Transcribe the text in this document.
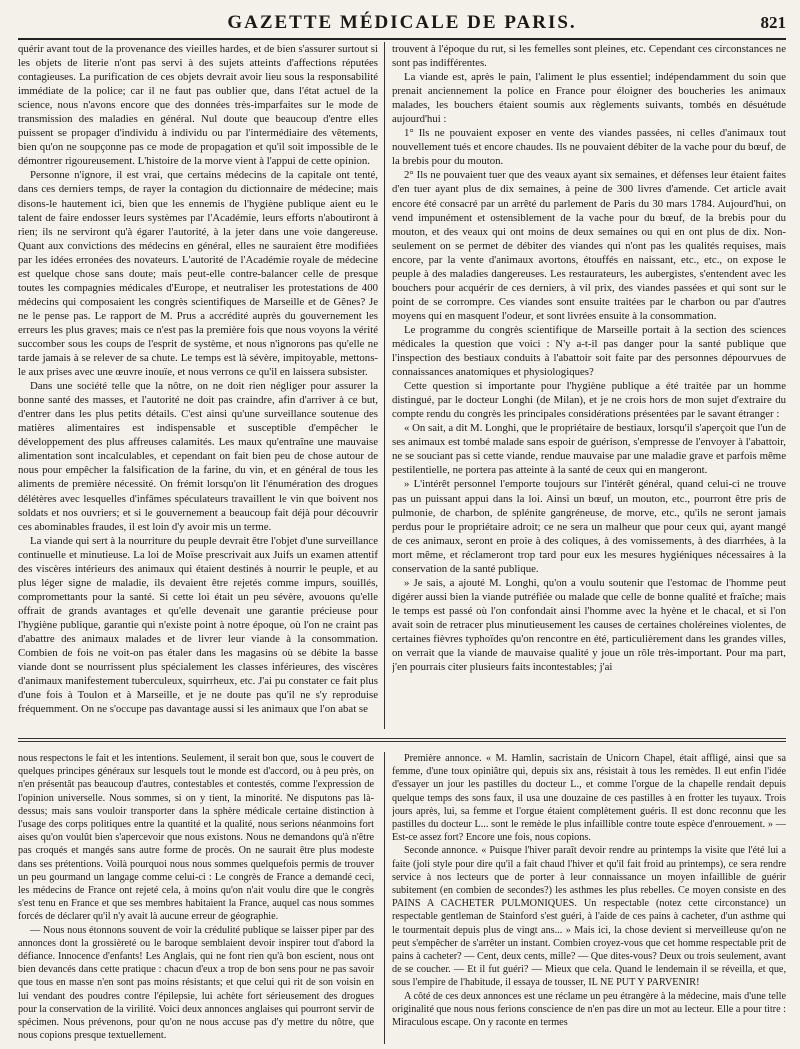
GAZETTE MÉDICALE DE PARIS.	821

quérir avant tout de la provenance des vieilles hardes, et de bien s'assurer surtout si les objets de literie n'ont pas servi à des sujets atteints d'affections réputées contagieuses. La purification de ces objets devrait avoir lieu sous la responsabilité immédiate de la police; car il ne faut pas oublier que, dans l'état actuel de la science, nous n'avons encore que des données très-imparfaites sur le mode de transmission des maladies en général. Nul doute que beaucoup d'entre elles puissent se propager d'individu à individu ou par l'intermédiaire des vêtements, bien qu'on ne soupçonne pas ce mode de propagation et qu'il soit impossible de le démontrer rigoureusement. L'histoire de la morve vient à l'appui de cette opinion.

Personne n'ignore, il est vrai, que certains médecins de la capitale ont tenté, dans ces derniers temps, de rayer la contagion du dictionnaire de médecine; mais disons-le hautement ici, bien que les ennemis de l'hygiène publique aient eu le talent de faire endosser leurs systèmes par l'Académie, leurs efforts n'aboutiront à rien; ils ne serviront qu'à égarer l'autorité, à la jeter dans une voie dangereuse. Quant aux convictions des médecins en général, elles ne sauraient être modifiées par les idées erronées des novateurs. L'autorité de l'Académie royale de médecine est quelque chose sans doute; mais peut-elle contre-balancer celle de presque toutes les compagnies médicales d'Europe, et neutraliser les protestations de 400 médecins qui composaient les congrès scientifiques de Marseille et de Gênes? Je ne le pense pas. Le rapport de M. Prus a accrédité auprès du gouvernement les erreurs les plus graves; mais ce n'est pas la première fois que nous voyons la vérité succomber sous les coups de l'esprit de système, et nous n'ignorons pas qu'elle ne tarde jamais à se relever de sa chute. Le temps est là sévère, impitoyable, mettons-le aux prises avec une œuvre inouïe, et nous verrons ce qu'il en laissera subsister.

Dans une société telle que la nôtre, on ne doit rien négliger pour assurer la bonne santé des masses, et l'autorité ne doit pas craindre, afin d'arriver à ce but, d'entrer dans les plus petits détails. C'est ainsi qu'une surveillance soutenue des matières alimentaires est indispensable et susceptible d'empêcher le développement des plus affreuses calamités. Les maux qu'entraîne une mauvaise alimentation sont incalculables, et cependant on fait bien peu de chose autour de nous pour empêcher la falsification de la farine, du vin, et en général de tous les aliments de première nécessité. On frémit lorsqu'on lit l'énumération des drogues délétères avec lesquelles d'infâmes spéculateurs travaillent le vin que boivent nos soldats et nos ouvriers; et si le gouvernement a beaucoup fait déjà pour découvrir ces abominables fraudes, il est loin d'y avoir mis un terme.

La viande qui sert à la nourriture du peuple devrait être l'objet d'une surveillance continuelle et minutieuse. La loi de Moïse prescrivait aux Juifs un examen attentif des viscères intérieurs des animaux qui étaient destinés à nourrir le peuple, et au plus léger signe de maladie, ils devaient être rejetés comme impurs, souillés, compromettants pour la santé. Si cette loi était un peu sévère, avouons qu'elle offrait de grands avantages et qu'elle devenait une garantie précieuse pour l'hygiène publique, garantie qui n'existe point à notre époque, où l'on ne craint pas d'abattre des animaux malades et de livrer leur viande à la consommation. Combien de fois ne voit-on pas étaler dans les magasins où se débite la basse viande dont se nourrissent plus spécialement les classes inférieures, des viscères d'animaux manifestement tuberculeux, squirrheux, etc. J'ai pu constater ce fait plus d'une fois à Toulon et à Marseille, et je ne doute pas qu'il ne s'y reproduise fréquemment. On ne s'occupe pas davantage aussi si les animaux que l'on abat se

trouvent à l'époque du rut, si les femelles sont pleines, etc. Cependant ces circonstances ne sont pas indifférentes.

La viande est, après le pain, l'aliment le plus essentiel; indépendamment du soin que prenait anciennement la police en France pour éloigner des boucheries les animaux malades, les bouchers étaient soumis aux règlements suivants, tombés en désuétude aujourd'hui :

1° Ils ne pouvaient exposer en vente des viandes passées, ni celles d'animaux tout nouvellement tués et encore chaudes. Ils ne pouvaient débiter de la vache pour du bœuf, de la brebis pour du mouton.

2° Ils ne pouvaient tuer que des veaux ayant six semaines, et défenses leur étaient faites d'en tuer ayant plus de dix semaines, à peine de 300 livres d'amende. Cet article avait encore été consacré par un arrêté du parlement de Paris du 30 mars 1784. Aujourd'hui, on vend impunément et ostensiblement de la vache pour du bœuf, de la brebis pour du mouton, et des veaux qui ont moins de deux semaines ou qui en ont plus de dix. Non-seulement on se permet de débiter des viandes qui n'ont pas les qualités requises, mais encore, par la vente d'animaux avortons, étouffés en naissant, etc., etc., on expose le peuple à des maladies dangereuses. Les restaurateurs, les aubergistes, s'entendent avec les bouchers pour acquérir de ces derniers, à vil prix, des viandes passées et qui sont sur le point de se corrompre. Ces viandes sont ensuite traitées par le charbon ou par d'autres moyens qui en masquent l'odeur, et sont livrées ensuite à la consommation.

Le programme du congrès scientifique de Marseille portait à la section des sciences médicales la question que voici : N'y a-t-il pas danger pour la santé publique que l'inspection des bestiaux conduits à l'abattoir soit faite par des personnes dépourvues de connaissances anatomiques et physiologiques?

Cette question si importante pour l'hygiène publique a été traitée par un homme distingué, par le docteur Longhi (de Milan), et je ne crois hors de mon sujet d'extraire du compte rendu du congrès les principales considérations présentées par le savant étranger :

« On sait, a dit M. Longhi, que le propriétaire de bestiaux, lorsqu'il s'aperçoit que l'un de ses animaux est tombé malade sans espoir de guérison, s'empresse de l'envoyer à l'abattoir, ne se souciant pas si cette viande, rendue mauvaise par une maladie grave et parfois même pestilentielle, ne portera pas atteinte à la santé de ceux qui en mangeront.

» L'intérêt personnel l'emporte toujours sur l'intérêt général, quand celui-ci ne trouve pas un puissant appui dans la loi. Ainsi un bœuf, un mouton, etc., pourront être pris de pulmonie, de charbon, de splénite gangréneuse, de morve, etc., qu'ils ne seront jamais perdus pour le propriétaire adroit; ce ne sera un malheur que pour ceux qui, ayant mangé de ces animaux, seront en proie à des coliques, à des vomissements, à des diarrhées, à la mort même, et réclameront trop tard pour eux les mesures hygiéniques nécessaires à la conservation de la santé publique.

» Je sais, a ajouté M. Longhi, qu'on a voulu soutenir que l'estomac de l'homme peut digérer aussi bien la viande putréfiée ou malade que celle de bonne qualité et fraîche; mais le temps est passé où l'on confondait ainsi l'homme avec la hyène et le chacal, et si l'on avait soin de retracer plus minutieusement les causes de certaines choléreines violentes, de certaines fièvres typhoïdes qu'on rencontre en été, particulièrement dans les grandes villes, on verrait que la viande de mauvaise qualité y joue un rôle très-important. Pour ma part, j'en pourrais citer plusieurs faits incontestables; j'ai

nous respectons le fait et les intentions. Seulement, il serait bon que, sous le couvert de quelques principes généraux sur lesquels tout le monde est d'accord, ou à peu près, on n'en présentât pas beaucoup d'autres, contestables et contestés, comme l'expression de l'opinion universelle. Nous sommes, si on y tient, la minorité. Ne disputons pas là-dessus; mais sans vouloir transporter dans la sphère médicale certaine distinction à l'usage des corps politiques entre la quantité et la qualité, nous serions néanmoins fort aises qu'on voulût bien s'apercevoir que nous existons. Nous ne demandons qu'à n'être pas croqués et mangés sans autre forme de procès. On ne saurait être plus modeste dans ses prétentions. Voilà pourquoi nous nous sommes quelquefois permis de trouver un peu gourmand un langage comme celui-ci : Le congrès de France a demandé ceci, les médecins de France ont rejeté cela, à moins qu'on n'ait voulu dire que le congrès s'est tenu en France et que ses membres habitaient la France, auquel cas nous sommes forcés de déclarer qu'il n'y avait là aucune erreur de géographie.

— Nous nous étonnons souvent de voir la crédulité publique se laisser piper par des annonces dont la grossièreté ou le baroque semblaient devoir inspirer tout d'abord la défiance. Innocence d'enfants! Les Anglais, qui ne font rien qu'à bon escient, nous ont bien devancés dans cette pratique : chacun d'eux a trop de bon sens pour ne pas savoir que tous en masse n'en sont pas moins résistants; et que celui qui rit de son voisin en lui vendant des poudres contre l'épilepsie, lui achète fort sérieusement des drogues pour la conservation de la virilité. Voici deux annonces anglaises qui pourront servir de spécimen. Nous prévenons, pour qu'on ne nous accuse pas d'y mettre du nôtre, que nous copions presque textuellement.

Première annonce. « M. Hamlin, sacristain de Unicorn Chapel, était affligé, ainsi que sa femme, d'une toux opiniâtre qui, depuis six ans, résistait à tous les remèdes. Il eut enfin l'idée d'essayer un jour les pastilles du docteur L., et comme l'orgue de la chapelle rendait depuis quelque temps des sons faux, il usa une douzaine de ces pastilles à en frotter les tuyaux. Trois jours après, lui, sa femme et l'orgue étaient complètement guéris. Il est donc reconnu que les pastilles du docteur L... sont le remède le plus infaillible contre toute espèce d'enrouement. » — Est-ce assez fort? Encore une fois, nous copions.

Seconde annonce. « Puisque l'hiver paraît devoir rendre au printemps la visite que l'été lui a faite (joli style pour dire qu'il a fait chaud l'hiver et qu'il fait froid au printemps), ce sera rendre service à nos lecteurs que de porter à leur connaissance un moyen infaillible de guérir subitement (en combien de secondes?) les asthmes les plus rebelles. Ce moyen consiste en des PAINS A CACHETER PULMONIQUES. Un respectable (notez cette circonstance) un respectable gentleman de Stainford s'est guéri, à l'aide de ces pains à cacheter, d'un asthme qui le tourmentait depuis plus de vingt ans... » Mais ici, la chose devient si merveilleuse qu'on ne peut s'empêcher de s'arrêter un instant. Combien croyez-vous que cet homme respectable prit de pains à cacheter? — Cent, deux cents, mille? — Que dites-vous? Deux ou trois seulement, avant de se coucher. — Et il fut guéri? — Mieux que cela. Quand le lendemain il se réveilla, et que, sous l'empire de l'habitude, il essaya de tousser, IL NE PUT Y PARVENIR!

A côté de ces deux annonces est une réclame un peu étrangère à la médecine, mais d'une telle originalité que nous nous ferions conscience de n'en pas dire un mot au lecteur. Elle a pour titre : Miraculous escape. On y raconte en termes
